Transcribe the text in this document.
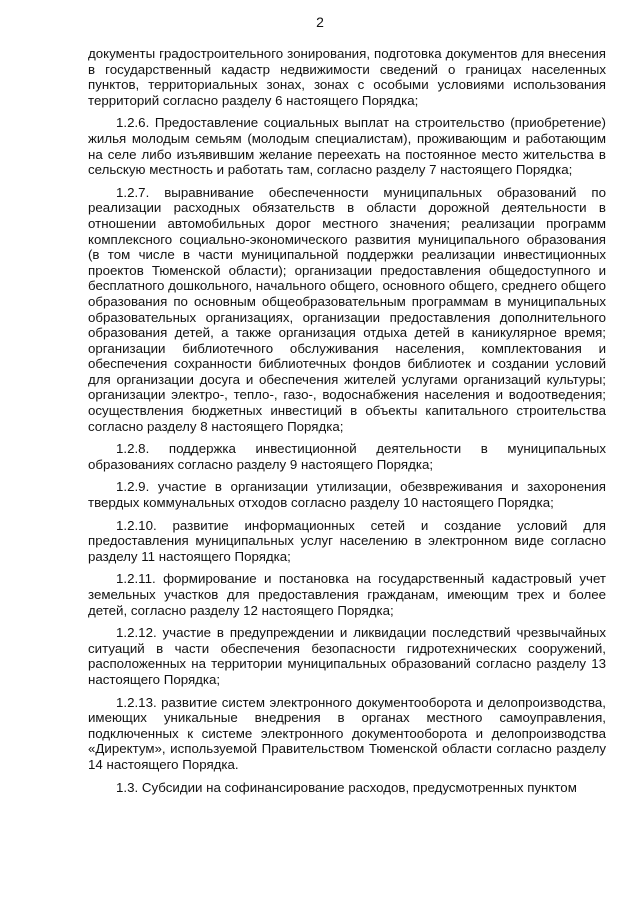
2

документы градостроительного зонирования, подготовка документов для внесения в государственный кадастр недвижимости сведений о границах населенных пунктов, территориальных зонах, зонах с особыми условиями использования территорий согласно разделу 6 настоящего Порядка;

1.2.6. Предоставление социальных выплат на строительство (приобретение) жилья молодым семьям (молодым специалистам), проживающим и работающим на селе либо изъявившим желание переехать на постоянное место жительства в сельскую местность и работать там, согласно разделу 7 настоящего Порядка;

1.2.7. выравнивание обеспеченности муниципальных образований по реализации расходных обязательств в области дорожной деятельности в отношении автомобильных дорог местного значения; реализации программ комплексного социально-экономического развития муниципального образования (в том числе в части муниципальной поддержки реализации инвестиционных проектов Тюменской области); организации предоставления общедоступного и бесплатного дошкольного, начального общего, основного общего, среднего общего образования по основным общеобразовательным программам в муниципальных образовательных организациях, организации предоставления дополнительного образования детей, а также организация отдыха детей в каникулярное время; организации библиотечного обслуживания населения, комплектования и обеспечения сохранности библиотечных фондов библиотек и создании условий для организации досуга и обеспечения жителей услугами организаций культуры; организации электро-, тепло-, газо-, водоснабжения населения и водоотведения; осуществления бюджетных инвестиций в объекты капитального строительства согласно разделу 8 настоящего Порядка;

1.2.8. поддержка инвестиционной деятельности в муниципальных образованиях согласно разделу 9 настоящего Порядка;

1.2.9. участие в организации утилизации, обезвреживания и захоронения твердых коммунальных отходов согласно разделу 10 настоящего Порядка;

1.2.10. развитие информационных сетей и создание условий для предоставления муниципальных услуг населению в электронном виде согласно разделу 11 настоящего Порядка;

1.2.11. формирование и постановка на государственный кадастровый учет земельных участков для предоставления гражданам, имеющим трех и более детей, согласно разделу 12 настоящего Порядка;

1.2.12. участие в предупреждении и ликвидации последствий чрезвычайных ситуаций в части обеспечения безопасности гидротехнических сооружений, расположенных на территории муниципальных образований согласно разделу 13 настоящего Порядка;

1.2.13. развитие систем электронного документооборота и делопроизводства, имеющих уникальные внедрения в органах местного самоуправления, подключенных к системе электронного документооборота и делопроизводства «Директум», используемой Правительством Тюменской области согласно разделу 14 настоящего Порядка.

1.3. Субсидии на софинансирование расходов, предусмотренных пунктом
